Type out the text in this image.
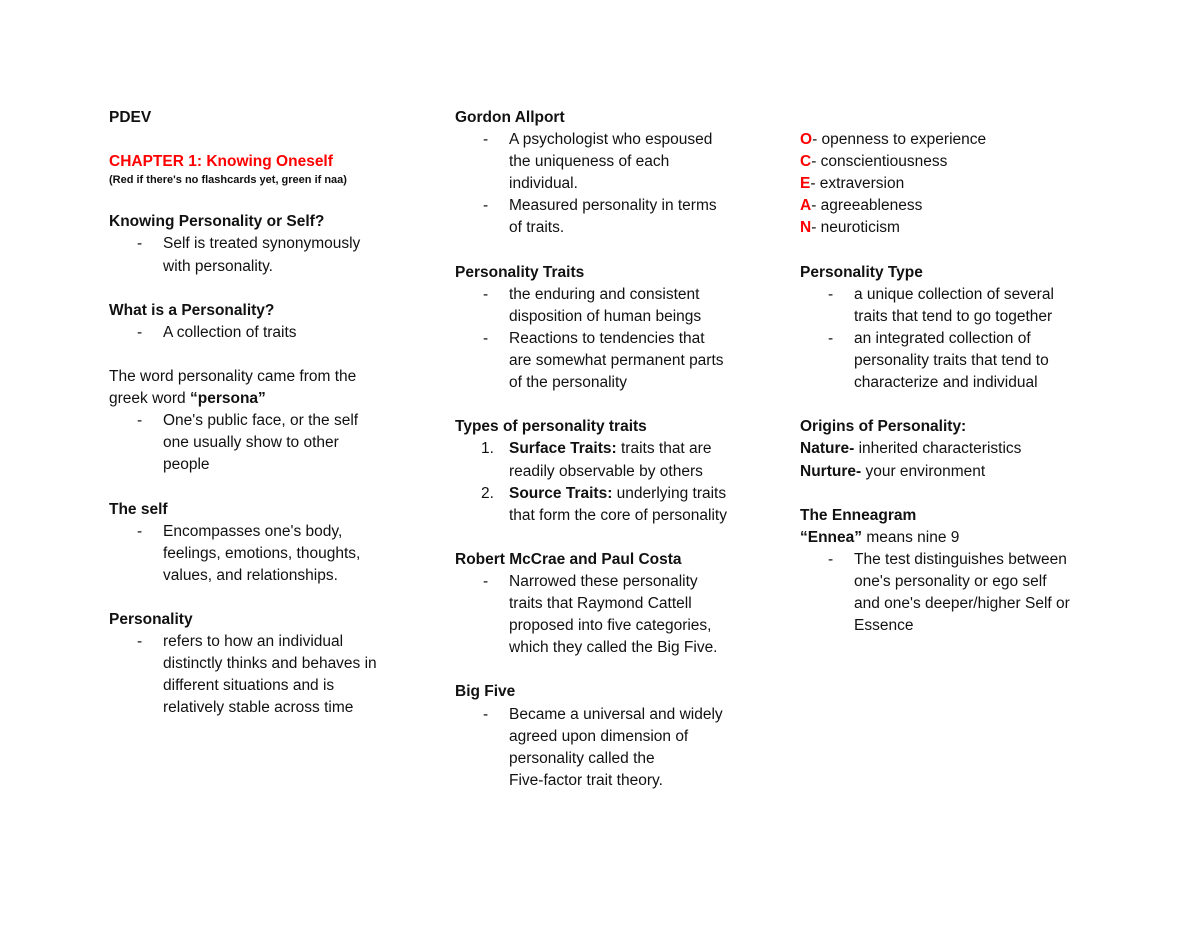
PDEV
CHAPTER 1: Knowing Oneself
(Red if there's no flashcards yet, green if naa)
Knowing Personality or Self?
- Self is treated synonymously
with personality.
What is a Personality?
- A collection of traits
The word personality came from the
greek word “persona”
- One's public face, or the self
one usually show to other
people
The self
- Encompasses one's body,
feelings, emotions, thoughts,
values, and relationships.
Personality
- refers to how an individual
distinctly thinks and behaves in
different situations and is
relatively stable across time
Gordon Allport
- A psychologist who espoused
the uniqueness of each
individual.
- Measured personality in terms
of traits.
Personality Traits
- the enduring and consistent
disposition of human beings
- Reactions to tendencies that
are somewhat permanent parts
of the personality
Types of personality traits
1. Surface Traits: traits that are
readily observable by others
2. Source Traits: underlying traits
that form the core of personality
Robert McCrae and Paul Costa
- Narrowed these personality
traits that Raymond Cattell
proposed into five categories,
which they called the Big Five.
Big Five
- Became a universal and widely
agreed upon dimension of
personality called the
Five-factor trait theory.
O- openness to experience
C- conscientiousness
E- extraversion
A- agreeableness
N- neuroticism
Personality Type
- a unique collection of several
traits that tend to go together
- an integrated collection of
personality traits that tend to
characterize and individual
Origins of Personality:
Nature- inherited characteristics
Nurture- your environment
The Enneagram
“Ennea” means nine 9
- The test distinguishes between
one's personality or ego self
and one's deeper/higher Self or
Essence
